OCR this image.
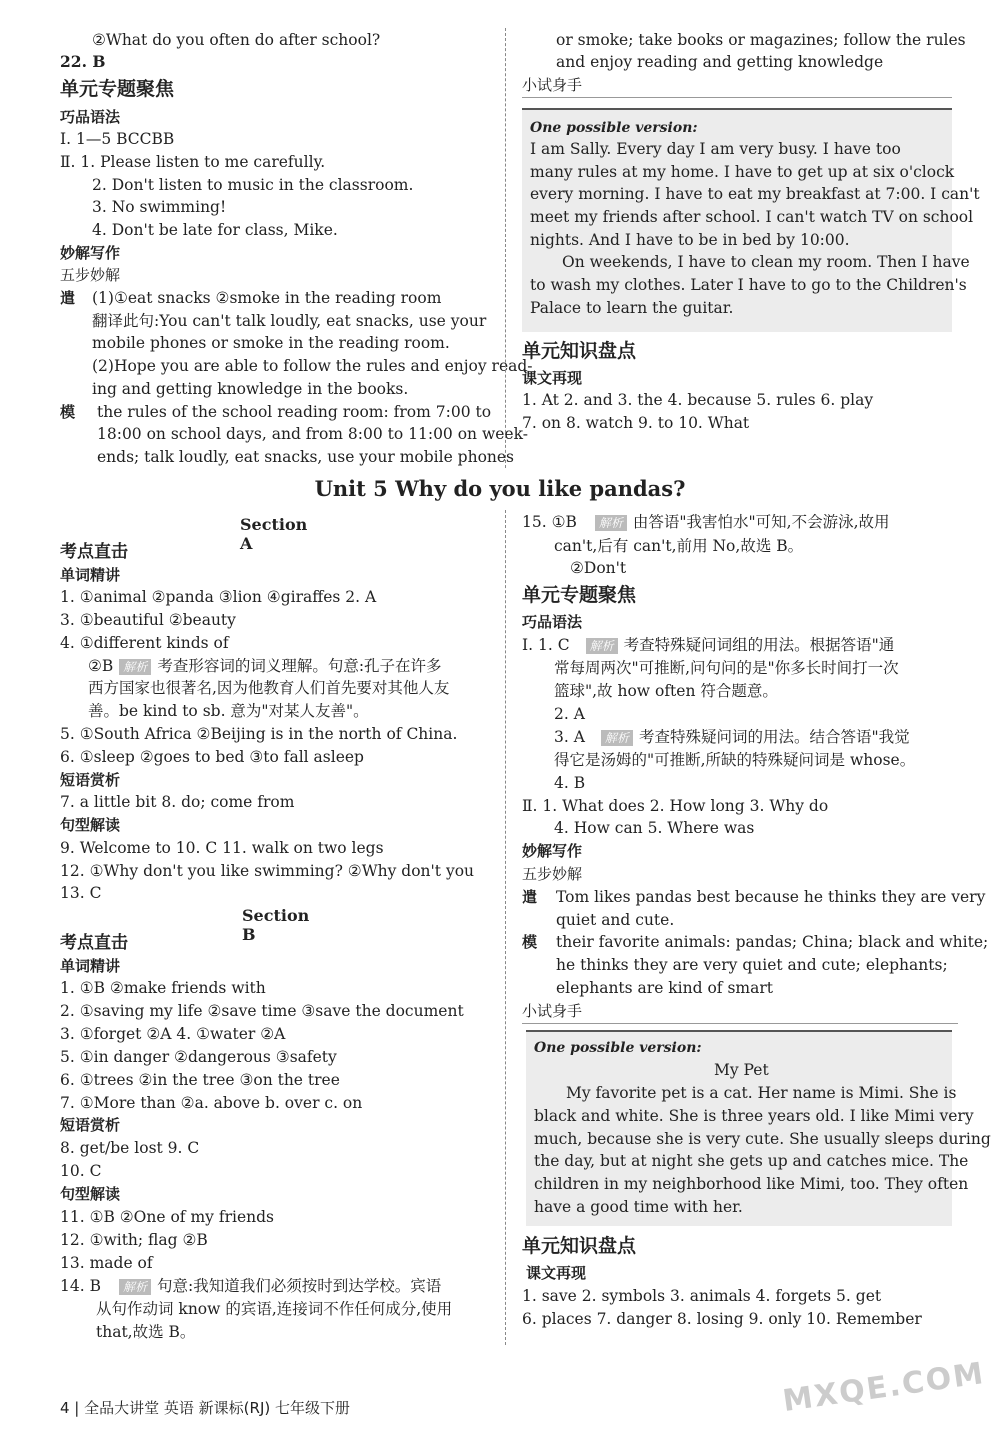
②What do you often do after school?
22. B
单元专题聚焦
巧品语法
Ⅰ. 1—5 BCCBB
Ⅱ. 1. Please listen to me carefully.
2. Don't listen to music in the classroom.
3. No swimming!
4. Don't be late for class, Mike.
妙解写作
五步妙解
遣 (1)①eat snacks ②smoke in the reading room
翻译此句:You can't talk loudly, eat snacks, use your
mobile phones or smoke in the reading room.
(2)Hope you are able to follow the rules and enjoy read-
ing and getting knowledge in the books.
模 the rules of the school reading room: from 7:00 to
18:00 on school days, and from 8:00 to 11:00 on week-
ends; talk loudly, eat snacks, use your mobile phones
or smoke; take books or magazines; follow the rules
and enjoy reading and getting knowledge
小试身手
One possible version:
I am Sally. Every day I am very busy. I have too
many rules at my home. I have to get up at six o'clock
every morning. I have to eat my breakfast at 7:00. I can't
meet my friends after school. I can't watch TV on school
nights. And I have to be in bed by 10:00.
On weekends, I have to clean my room. Then I have
to wash my clothes. Later I have to go to the Children's
Palace to learn the guitar.
单元知识盘点
课文再现
1. At 2. and 3. the 4. because 5. rules 6. play
7. on 8. watch 9. to 10. What
Unit 5 Why do you like pandas?
Section A
考点直击
单词精讲
1. ①animal ②panda ③lion ④giraffes 2. A
3. ①beautiful ②beauty
4. ①different kinds of
②B 解析 考查形容词的词义理解。句意:孔子在许多
西方国家也很著名,因为他教育人们首先要对其他人友
善。be kind to sb. 意为"对某人友善"。
5. ①South Africa ②Beijing is in the north of China.
6. ①sleep ②goes to bed ③to fall asleep
短语赏析
7. a little bit 8. do; come from
句型解读
9. Welcome to 10. C 11. walk on two legs
12. ①Why don't you like swimming? ②Why don't you
13. C
Section B
考点直击
单词精讲
1. ①B ②make friends with
2. ①saving my life ②save time ③save the document
3. ①forget ②A 4. ①water ②A
5. ①in danger ②dangerous ③safety
6. ①trees ②in the tree ③on the tree
7. ①More than ②a. above b. over c. on
短语赏析
8. get/be lost 9. C
10. C
句型解读
11. ①B ②One of my friends
12. ①with; flag ②B
13. made of
14. B 解析 句意:我知道我们必须按时到达学校。宾语
从句作动词 know 的宾语,连接词不作任何成分,使用
that,故选 B。
15. ①B 解析 由答语"我害怕水"可知,不会游泳,故用
can't,后有 can't,前用 No,故选 B。
②Don't
单元专题聚焦
巧品语法
Ⅰ. 1. C 解析 考查特殊疑问词组的用法。根据答语"通
常每周两次"可推断,问句问的是"你多长时间打一次
篮球",故 how often 符合题意。
2. A
3. A 解析 考查特殊疑问词的用法。结合答语"我觉
得它是汤姆的"可推断,所缺的特殊疑问词是 whose。
4. B
Ⅱ. 1. What does 2. How long 3. Why do
4. How can 5. Where was
妙解写作
五步妙解
遣 Tom likes pandas best because he thinks they are very
quiet and cute.
模 their favorite animals: pandas; China; black and white;
he thinks they are very quiet and cute; elephants;
elephants are kind of smart
小试身手
One possible version:
My Pet
My favorite pet is a cat. Her name is Mimi. She is
black and white. She is three years old. I like Mimi very
much, because she is very cute. She usually sleeps during
the day, but at night she gets up and catches mice. The
children in my neighborhood like Mimi, too. They often
have a good time with her.
单元知识盘点
课文再现
1. save 2. symbols 3. animals 4. forgets 5. get
6. places 7. danger 8. losing 9. only 10. Remember
4 | 全品大讲堂 英语 新课标(RJ) 七年级下册	MXQE.COM
